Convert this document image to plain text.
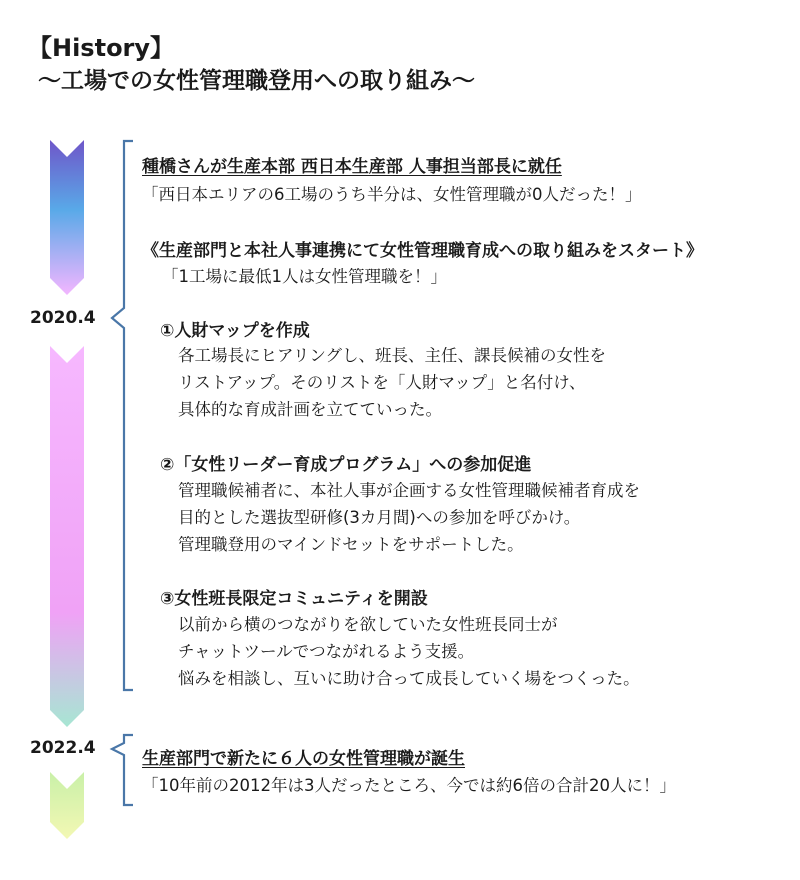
【History】
〜工場での女性管理職登用への取り組み〜
2020.4
2022.4
種橋さんが生産本部 西日本生産部 人事担当部長に就任
「西日本エリアの6工場のうち半分は、女性管理職が0人だった！」
《生産部門と本社人事連携にて女性管理職育成への取り組みをスタート》
「1工場に最低1人は女性管理職を！」
①人財マップを作成
各工場長にヒアリングし、班長、主任、課長候補の女性を
リストアップ。そのリストを「人財マップ」と名付け、
具体的な育成計画を立てていった。
②「女性リーダー育成プログラム」への参加促進
管理職候補者に、本社人事が企画する女性管理職候補者育成を
目的とした選抜型研修(3カ月間)への参加を呼びかけ。
管理職登用のマインドセットをサポートした。
③女性班長限定コミュニティを開設
以前から横のつながりを欲していた女性班長同士が
チャットツールでつながれるよう支援。
悩みを相談し、互いに助け合って成長していく場をつくった。
生産部門で新たに６人の女性管理職が誕生
「10年前の2012年は3人だったところ、今では約6倍の合計20人に！」
